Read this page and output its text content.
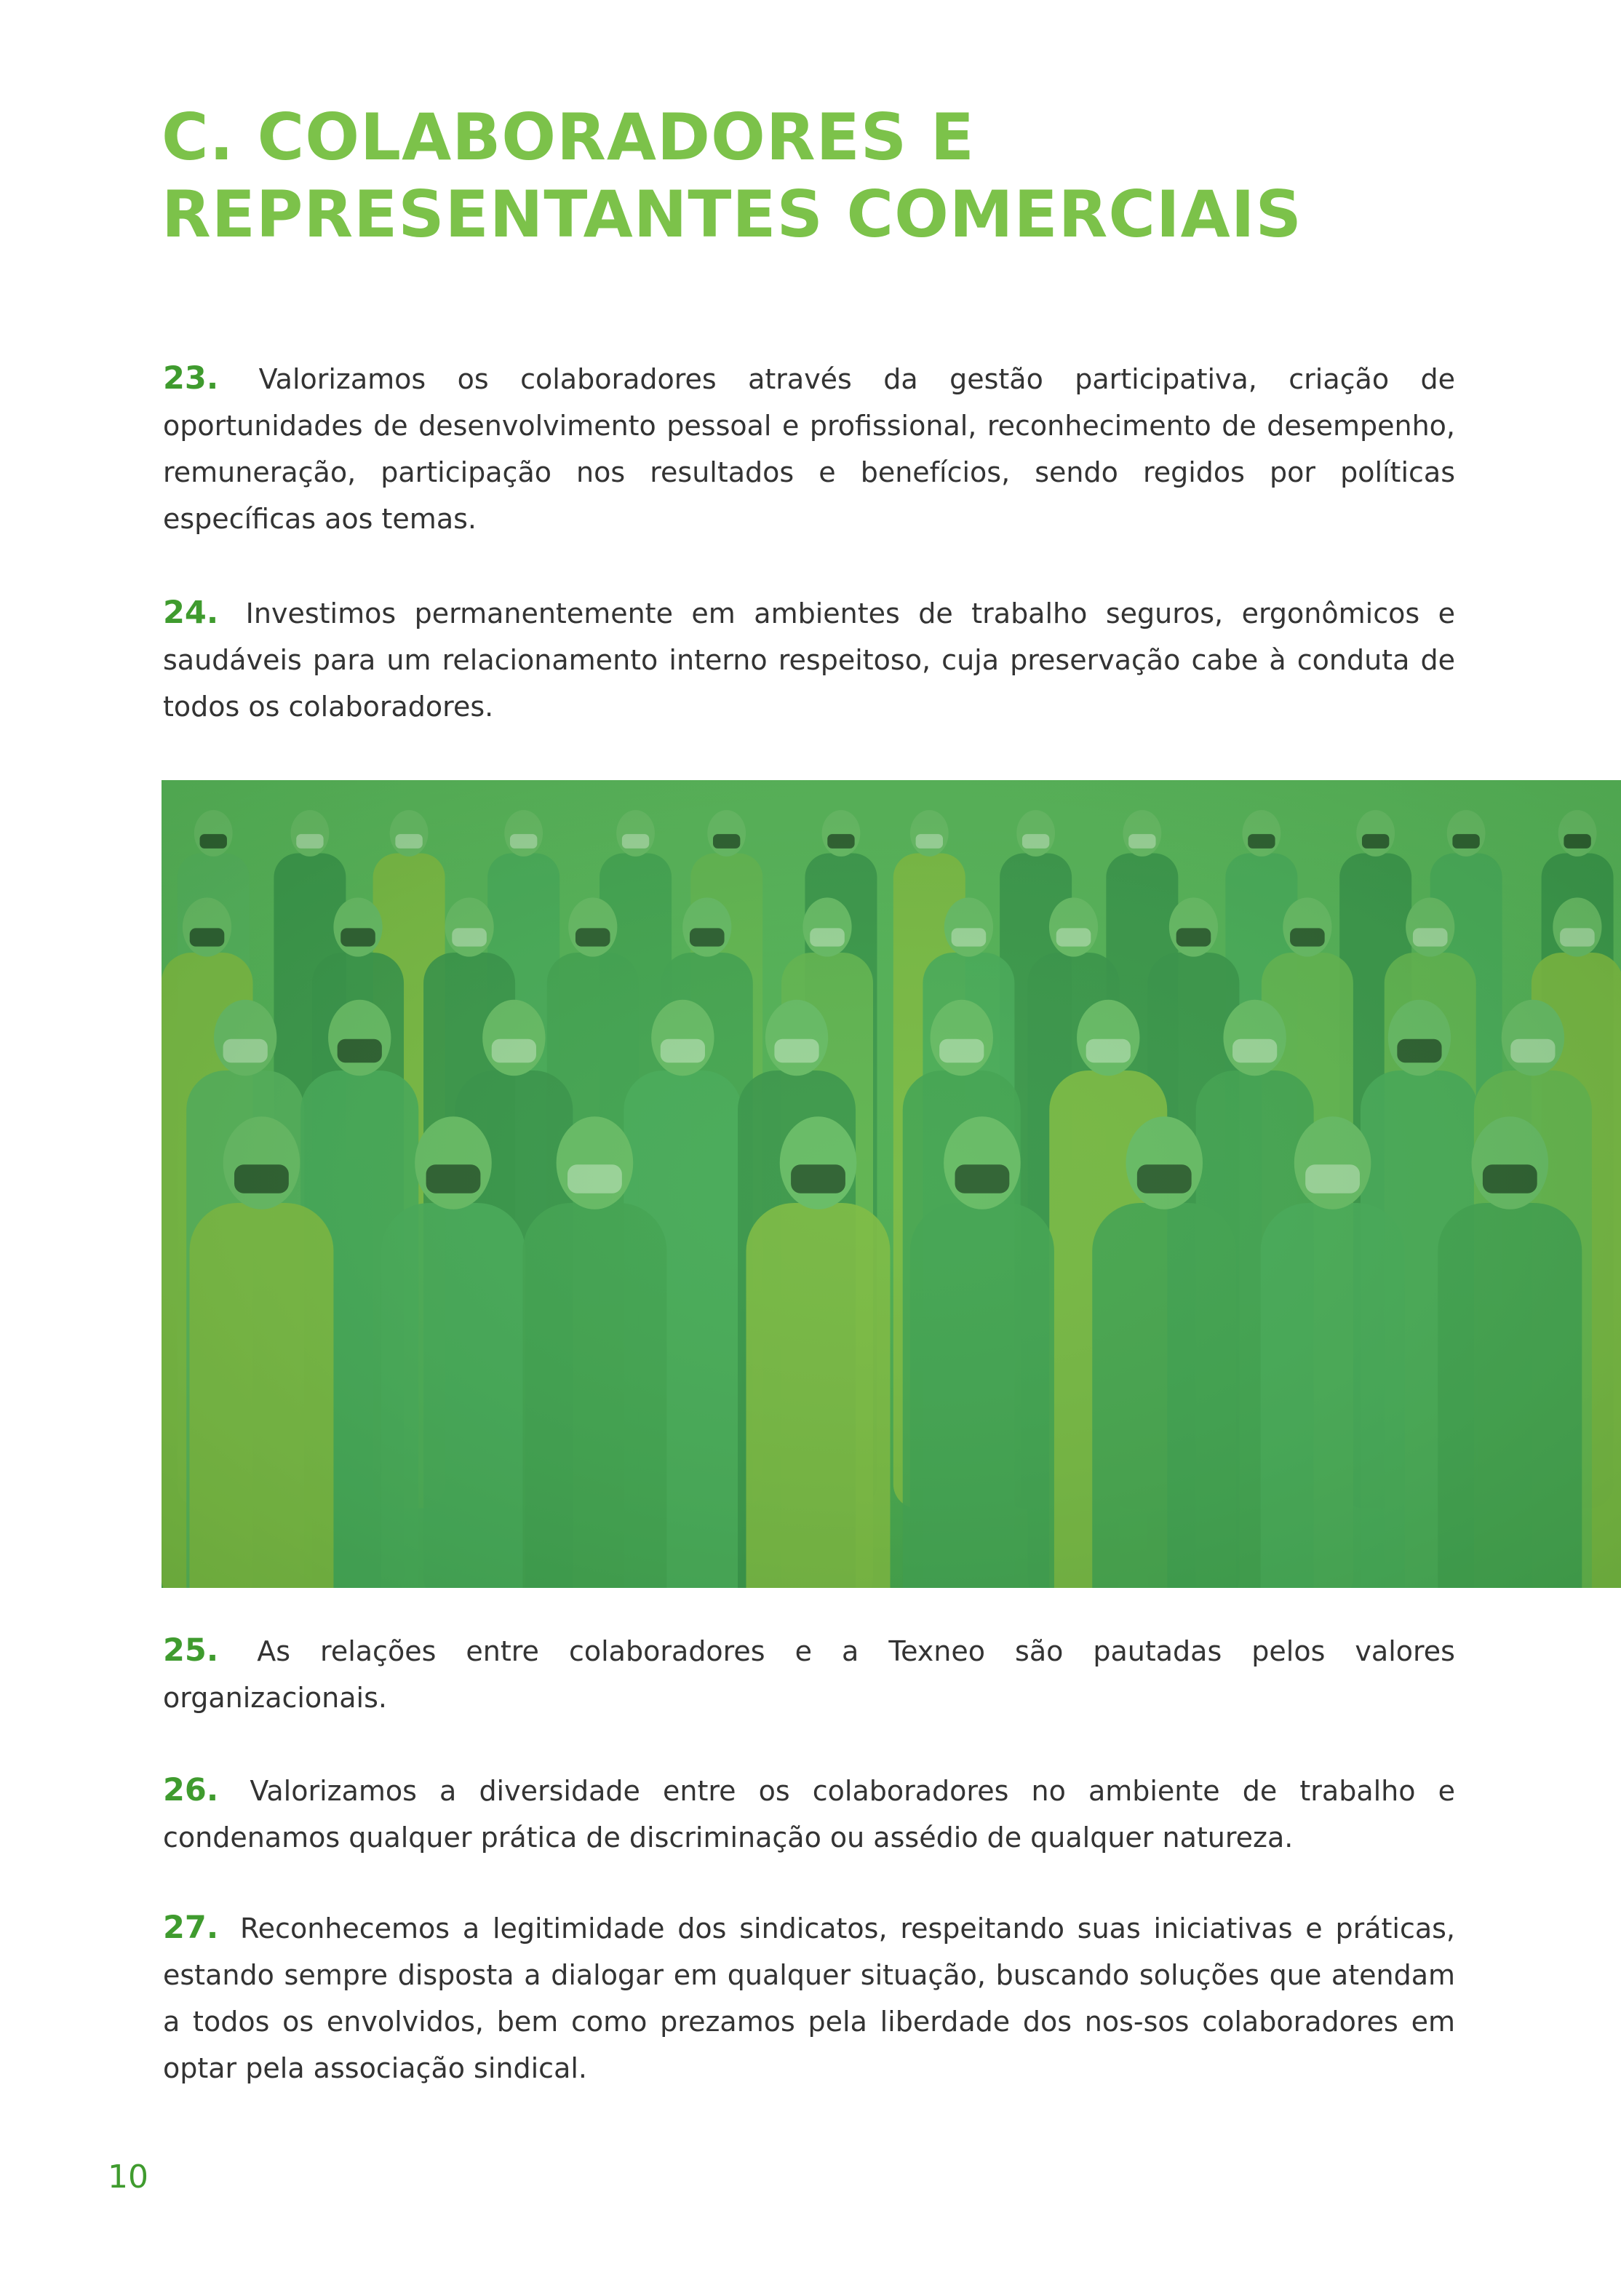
C. COLABORADORES E
REPRESENTANTES COMERCIAIS

23. Valorizamos os colaboradores através da gestão participativa, criação de oportunidades de desenvolvimento pessoal e profissional, reconhecimento de desempenho, remuneração, participação nos resultados e benefícios, sendo regidos por políticas específicas aos temas.

24. Investimos permanentemente em ambientes de trabalho seguros, ergonômicos e saudáveis para um relacionamento interno respeitoso, cuja preservação cabe à conduta de todos os colaboradores.

25. As relações entre colaboradores e a Texneo são pautadas pelos valores organizacionais.

26. Valorizamos a diversidade entre os colaboradores no ambiente de trabalho e condenamos qualquer prática de discriminação ou assédio de qualquer natureza.

27. Reconhecemos a legitimidade dos sindicatos, respeitando suas iniciativas e práticas, estando sempre disposta a dialogar em qualquer situação, buscando soluções que atendam a todos os envolvidos, bem como prezamos pela liberdade dos nos-sos colaboradores em optar pela associação sindical.

10
